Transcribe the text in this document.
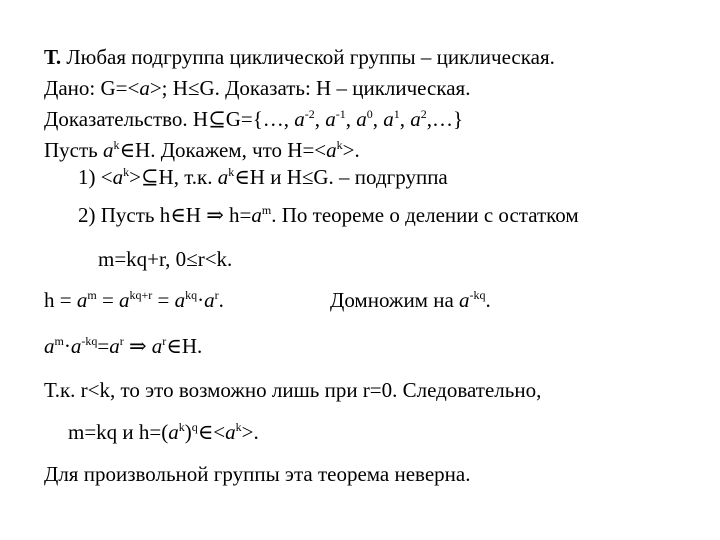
Т. Любая подгруппа циклической группы – циклическая.
Дано: G=<a>; H≤G. Доказать: H – циклическая.
Доказательство. H⊆G={…, $a^{-2}$, $a^{-1}$, $a^0$, $a^1$, $a^2,\dots$}
Пусть $a^k\in H$. Докажем, что $H=<a^k>$.
$1) <a^k>⊆H$, т.к. $a^k\in H$ и H≤G. – подгруппа
2) Пусть h∈H ⇒ $h=a^m$. По теореме о делении с остатком
m=kq+r, 0≤r<k.
$h = a^m = a^{kq+r} = a^{kq}\cdot a^r$.	Домножим на $a^{-kq}$.
$a^m\cdot a^{-kq}=a^r$ ⇒ $a^r\in H$.
Т.к. r<k, то это возможно лишь при r=0. Следовательно,
m=kq и $h=(a^k)^q\in<a^k>$.
Для произвольной группы эта теорема неверна.
